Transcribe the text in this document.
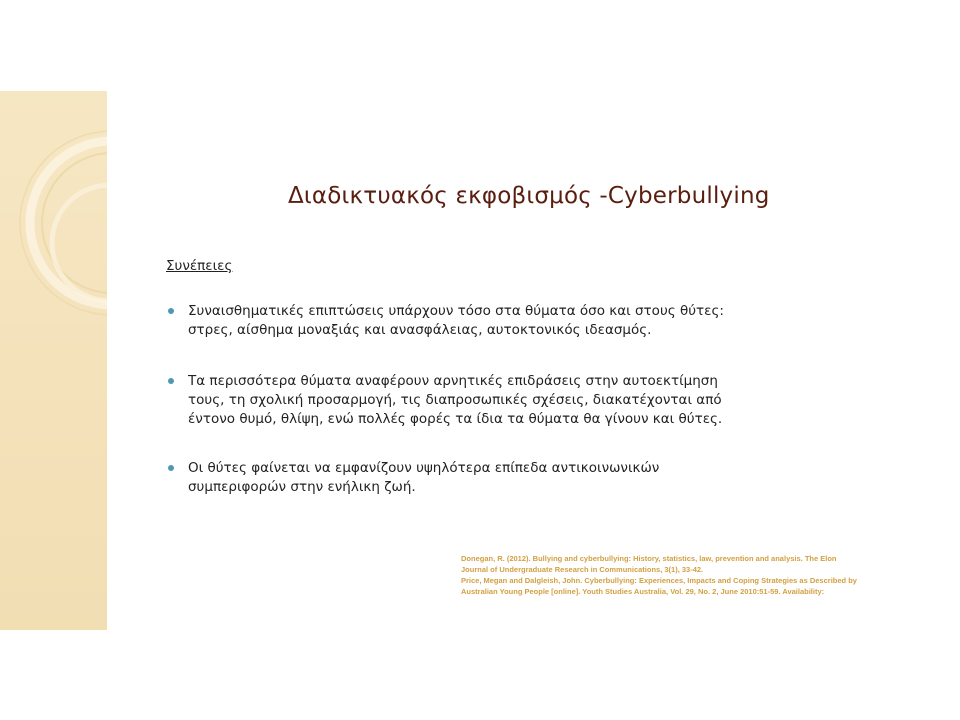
Διαδικτυακός εκφοβισμός -Cyberbullying
Συνέπειες
Συναισθηματικές επιπτώσεις υπάρχουν τόσο στα θύματα όσο και στους θύτες:
στρες, αίσθημα μοναξιάς και ανασφάλειας, αυτοκτονικός ιδεασμός.
Τα περισσότερα θύματα αναφέρουν αρνητικές επιδράσεις στην αυτοεκτίμηση
τους, τη σχολική προσαρμογή, τις διαπροσωπικές σχέσεις, διακατέχονται από
έντονο θυμό, θλίψη, ενώ πολλές φορές τα ίδια τα θύματα θα γίνουν και θύτες.
Οι θύτες φαίνεται να εμφανίζουν υψηλότερα επίπεδα αντικοινωνικών
συμπεριφορών στην ενήλικη ζωή.
Donegan, R. (2012). Bullying and cyberbullying: History, statistics, law, prevention and analysis. The Elon
Journal of Undergraduate Research in Communications, 3(1), 33-42.
Price, Megan and Dalgleish, John. Cyberbullying: Experiences, Impacts and Coping Strategies as Described by
Australian Young People [online]. Youth Studies Australia, Vol. 29, No. 2, June 2010:51-59. Availability:
